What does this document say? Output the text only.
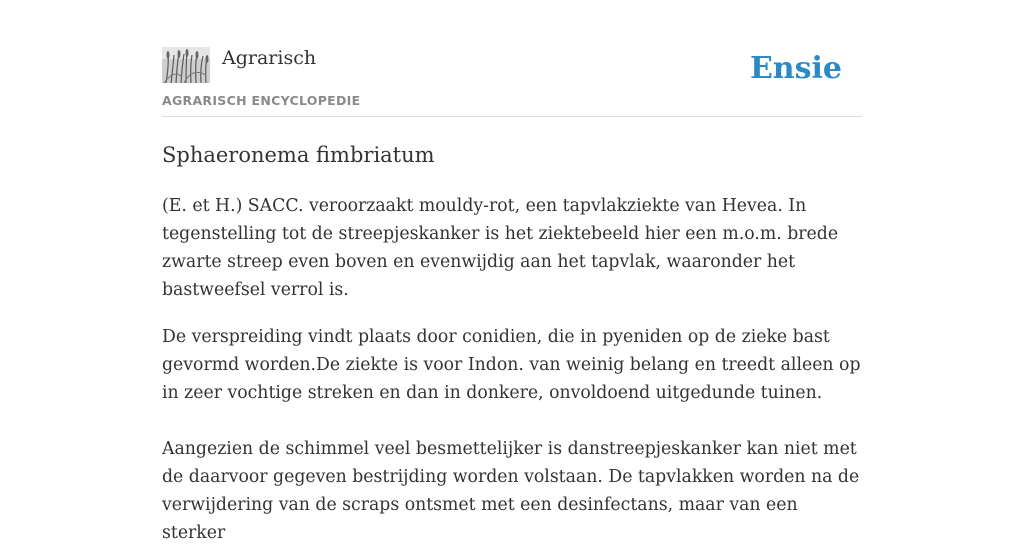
Agrarisch
AGRARISCH ENCYCLOPEDIE
Ensie
Sphaeronema fimbriatum

(E. et H.) SACC. veroorzaakt mouldy-rot, een tapvlakziekte van Hevea. In tegenstelling tot de streepjeskanker is het ziektebeeld hier een m.o.m. brede zwarte streep even boven en evenwijdig aan het tapvlak, waaronder het bastweefsel verrol is.

De verspreiding vindt plaats door conidien, die in pyeniden op de zieke bast gevormd worden.De ziekte is voor Indon. van weinig belang en treedt alleen op in zeer vochtige streken en dan in donkere, onvoldoend uitgedunde tuinen.

Aangezien de schimmel veel besmettelijker is danstreepjeskanker kan niet met de daarvoor gegeven bestrijding worden volstaan. De tapvlakken worden na de verwijdering van de scraps ontsmet met een desinfectans, maar van een sterker
